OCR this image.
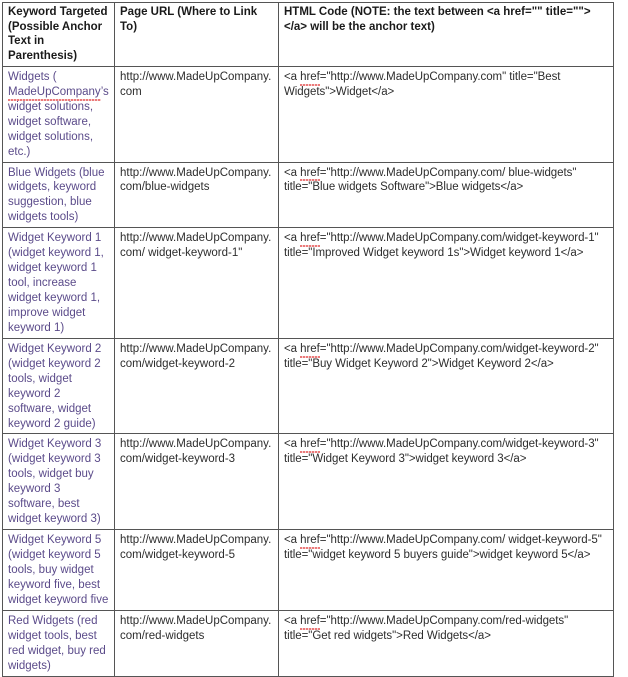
Keyword Targeted (Possible Anchor Text in Parenthesis)	Page URL (Where to Link To)	HTML Code (NOTE: the text between <a href="" title=""></a> will be the anchor text)
Widgets (MadeUpCompany’s widget solutions, widget software, widget solutions, etc.)	http://www.MadeUpCompany.com	<a href="http://www.MadeUpCompany.com" title="Best Widgets">Widget</a>
Blue Widgets (blue widgets, keyword suggestion, blue widgets tools)	http://www.MadeUpCompany.com/blue-widgets	<a href="http://www.MadeUpCompany.com/ blue-widgets" title="Blue widgets Software">Blue widgets</a>
Widget Keyword 1 (widget keyword 1, widget keyword 1 tool, increase widget keyword 1, improve widget keyword 1)	http://www.MadeUpCompany.com/ widget-keyword-1"	<a href="http://www.MadeUpCompany.com/widget-keyword-1" title="Improved Widget keyword 1s">Widget keyword 1</a>
Widget Keyword 2 (widget keyword 2 tools, widget keyword 2 software, widget keyword 2 guide)	http://www.MadeUpCompany.com/widget-keyword-2	<a href="http://www.MadeUpCompany.com/widget-keyword-2" title="Buy Widget Keyword 2">Widget Keyword 2</a>
Widget Keyword 3 (widget keyword 3 tools, widget buy keyword 3 software, best widget keyword 3)	http://www.MadeUpCompany.com/widget-keyword-3	<a href="http://www.MadeUpCompany.com/widget-keyword-3" title="Widget Keyword 3">widget keyword 3</a>
Widget Keyword 5 (widget keyword 5 tools, buy widget keyword five, best widget keyword five	http://www.MadeUpCompany.com/widget-keyword-5	<a href="http://www.MadeUpCompany.com/ widget-keyword-5" title="widget keyword 5 buyers guide">widget keyword 5</a>
Red Widgets (red widget tools, best red widget, buy red widgets)	http://www.MadeUpCompany.com/red-widgets	<a href="http://www.MadeUpCompany.com/red-widgets" title="Get red widgets">Red Widgets</a>
